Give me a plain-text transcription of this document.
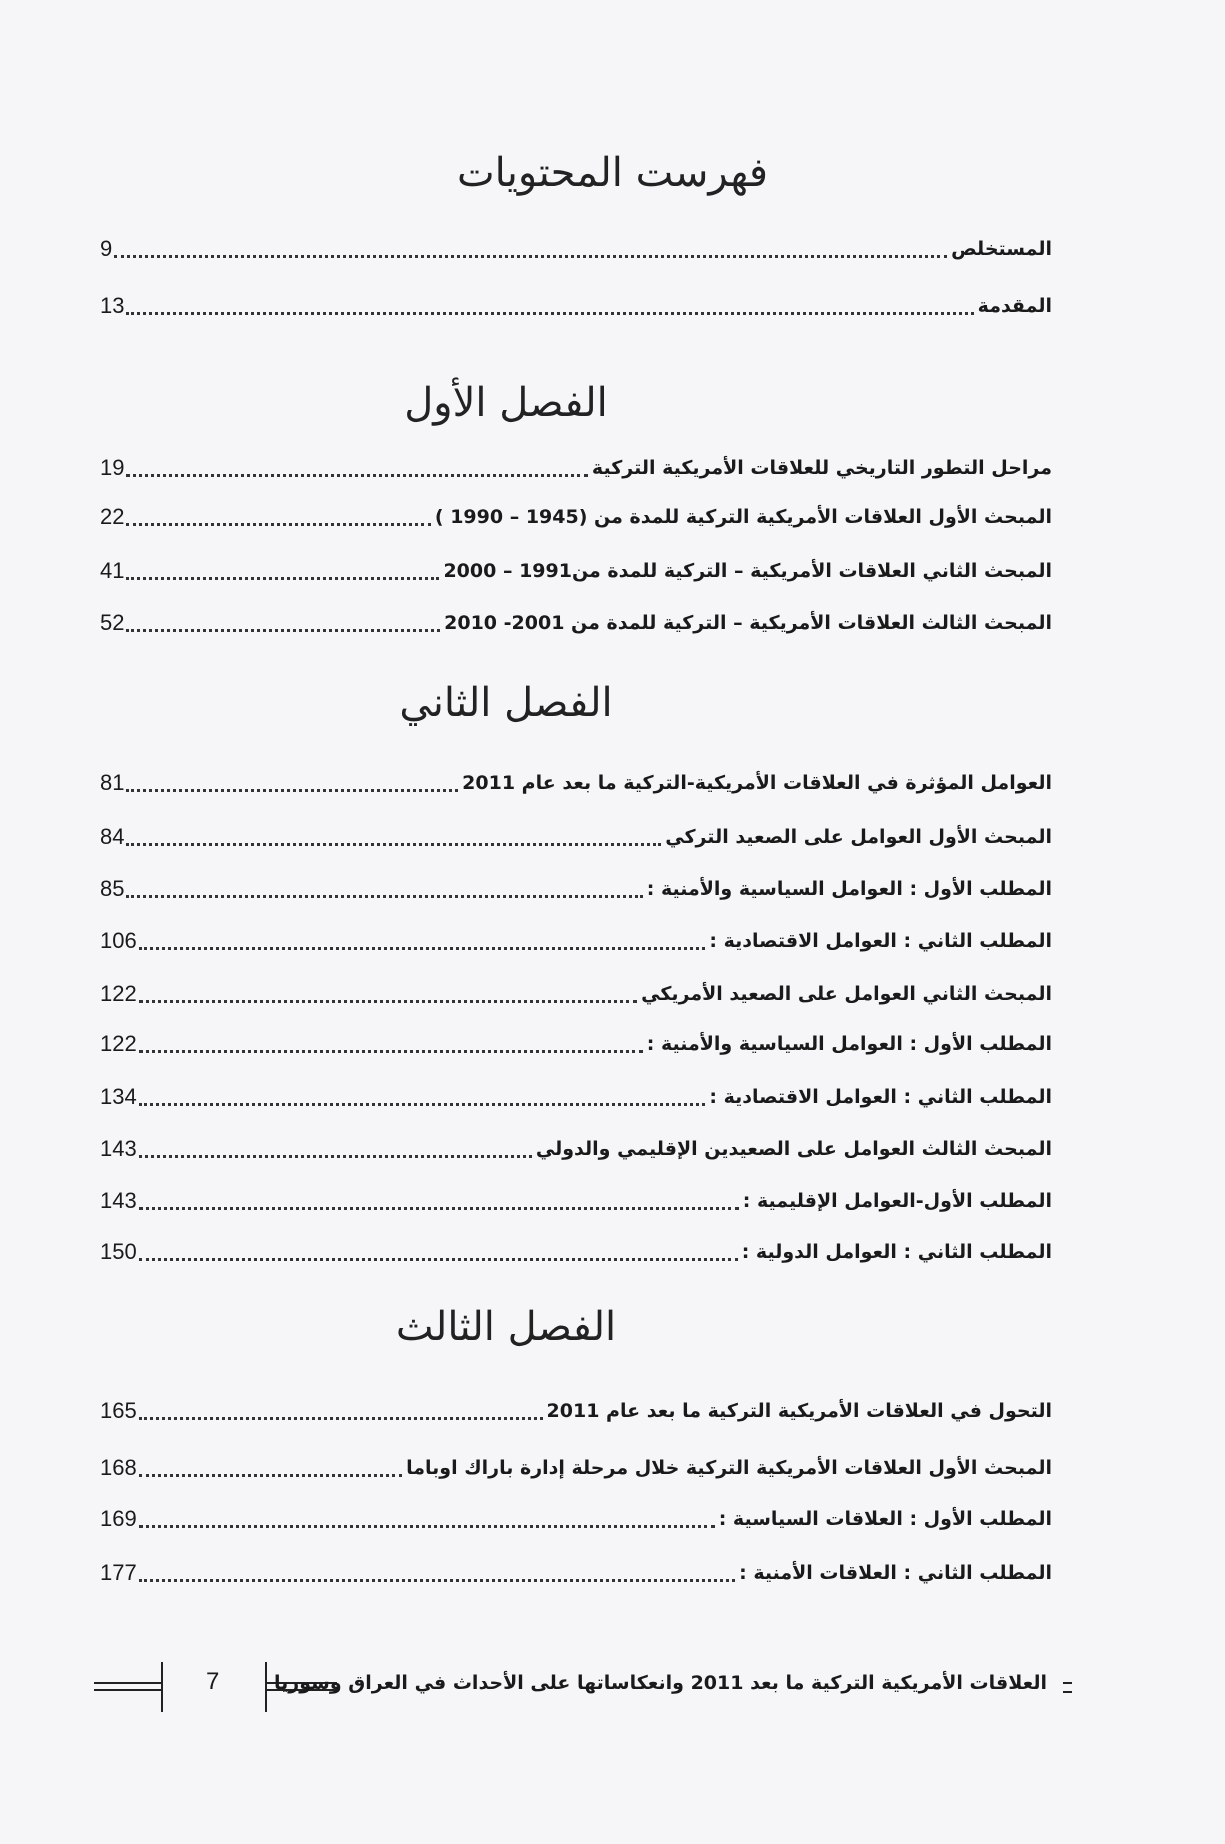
فهرست المحتويات
المستخلص
9
المقدمة
13
الفصل الأول
مراحل التطور التاريخي للعلاقات الأمريكية التركية
19
المبحث الأول العلاقات الأمريكية التركية للمدة من (1945 – 1990 )
22
المبحث الثاني العلاقات الأمريكية – التركية للمدة من1991 – 2000
41
المبحث الثالث العلاقات الأمريكية – التركية للمدة من 2001- 2010
52
الفصل الثاني
العوامل المؤثرة في العلاقات الأمريكية-التركية ما بعد عام 2011
81
المبحث الأول العوامل على الصعيد التركي
84
المطلب الأول : العوامل السياسية والأمنية :
85
المطلب الثاني : العوامل الاقتصادية :
106
المبحث الثاني العوامل على الصعيد الأمريكي
122
المطلب الأول : العوامل السياسية والأمنية :
122
المطلب الثاني : العوامل الاقتصادية :
134
المبحث الثالث العوامل على الصعيدين الإقليمي والدولي
143
المطلب الأول-العوامل الإقليمية :
143
المطلب الثاني : العوامل الدولية :
150
الفصل الثالث
التحول في العلاقات الأمريكية التركية ما بعد عام 2011
165
المبحث الأول العلاقات الأمريكية التركية خلال مرحلة إدارة باراك اوباما
168
المطلب الأول : العلاقات السياسية :
169
المطلب الثاني : العلاقات الأمنية :
177
7	العلاقات الأمريكية التركية ما بعد 2011 وانعكاساتها على الأحداث في العراق وسوريا
